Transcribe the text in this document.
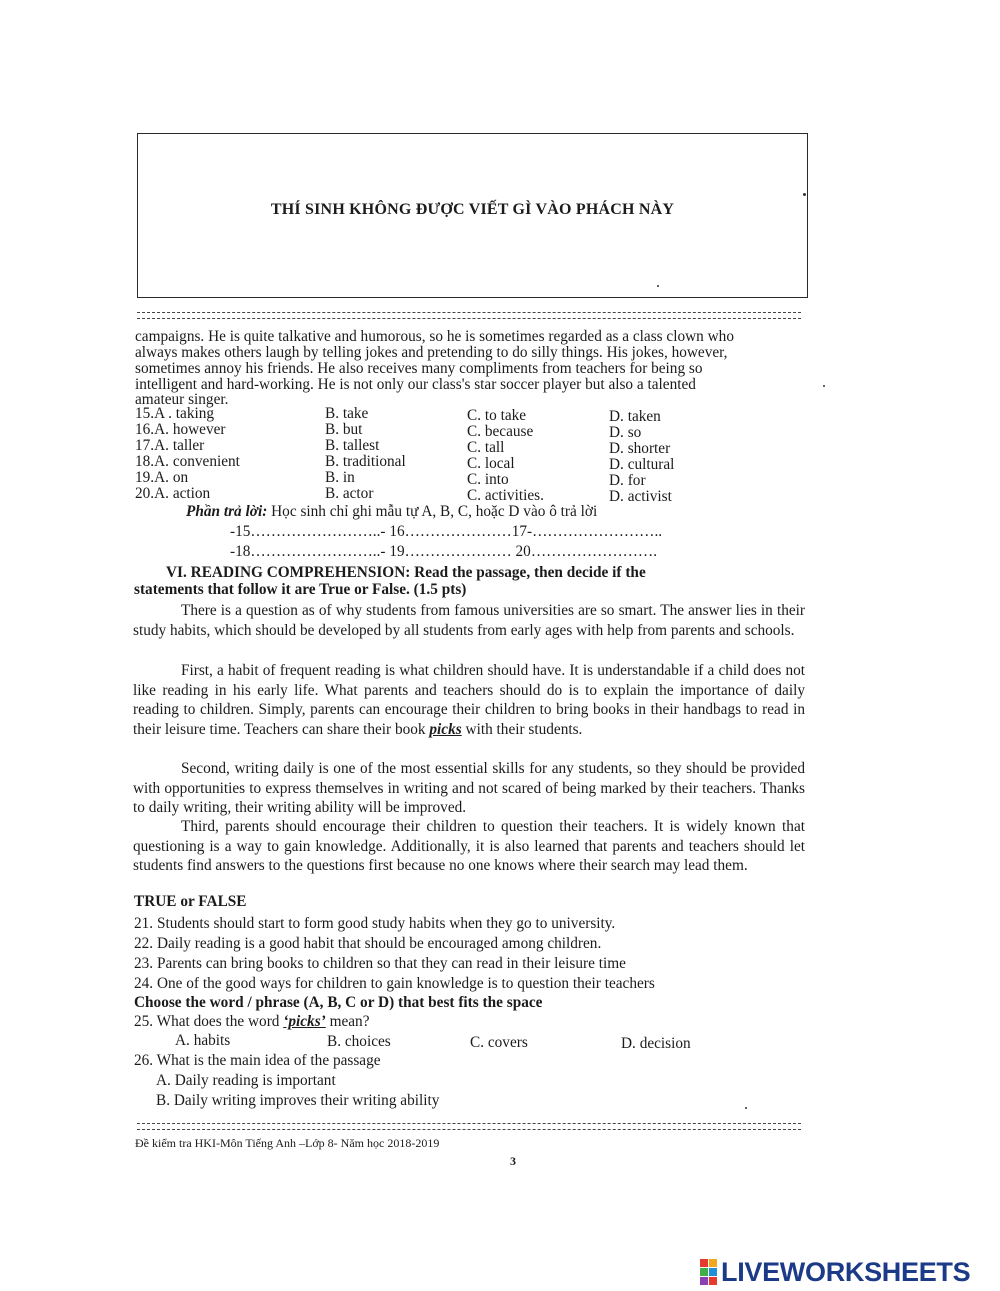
THÍ SINH KHÔNG ĐƯỢC VIẾT GÌ VÀO PHÁCH NÀY
campaigns. He is quite talkative and humorous, so he is sometimes regarded as a class clown who
always makes others laugh by telling jokes and pretending to do silly things. His jokes, however,
sometimes annoy his friends. He also receives many compliments from teachers for being so
intelligent and hard-working. He is not only our class's star soccer player but also a talented
amateur singer.
15.A . taking	B. take	C. to take	D. taken
16.A. however	B. but	C. because	D. so
17.A. taller	B. tallest	C. tall	D. shorter
18.A. convenient	B. traditional	C. local	D. cultural
19.A. on	B. in	C. into	D. for
20.A. action	B. actor	C. activities.	D. activist
Phần trả lời: Học sinh chỉ ghi mẫu tự A, B, C, hoặc D vào ô trả lời
-15……………………..- 16…………………17-……………………..
-18……………………..- 19………………… 20…………………….
VI. READING COMPREHENSION: Read the passage, then decide if the
statements that follow it are True or False. (1.5 pts)
There is a question as of why students from famous universities are so smart. The answer lies in their study habits, which should be developed by all students from early ages with help from parents and schools.
First, a habit of frequent reading is what children should have. It is understandable if a child does not like reading in his early life. What parents and teachers should do is to explain the importance of daily reading to children. Simply, parents can encourage their children to bring books in their handbags to read in their leisure time. Teachers can share their book picks with their students.
Second, writing daily is one of the most essential skills for any students, so they should be provided with opportunities to express themselves in writing and not scared of being marked by their teachers. Thanks to daily writing, their writing ability will be improved.
Third, parents should encourage their children to question their teachers. It is widely known that questioning is a way to gain knowledge. Additionally, it is also learned that parents and teachers should let students find answers to the questions first because no one knows where their search may lead them.
TRUE or FALSE
21. Students should start to form good study habits when they go to university.
22. Daily reading is a good habit that should be encouraged among children.
23. Parents can bring books to children so that they can read in their leisure time
24. One of the good ways for children to gain knowledge is to question their teachers
Choose the word / phrase (A, B, C or D) that best fits the space
25. What does the word ‘picks’ mean?
A. habits	B. choices	C. covers	D. decision
26. What is the main idea of the passage
A. Daily reading is important
B. Daily writing improves their writing ability
Đề kiểm tra HKI-Môn Tiếng Anh –Lớp 8- Năm học 2018-2019
3
LIVEWORKSHEETS
